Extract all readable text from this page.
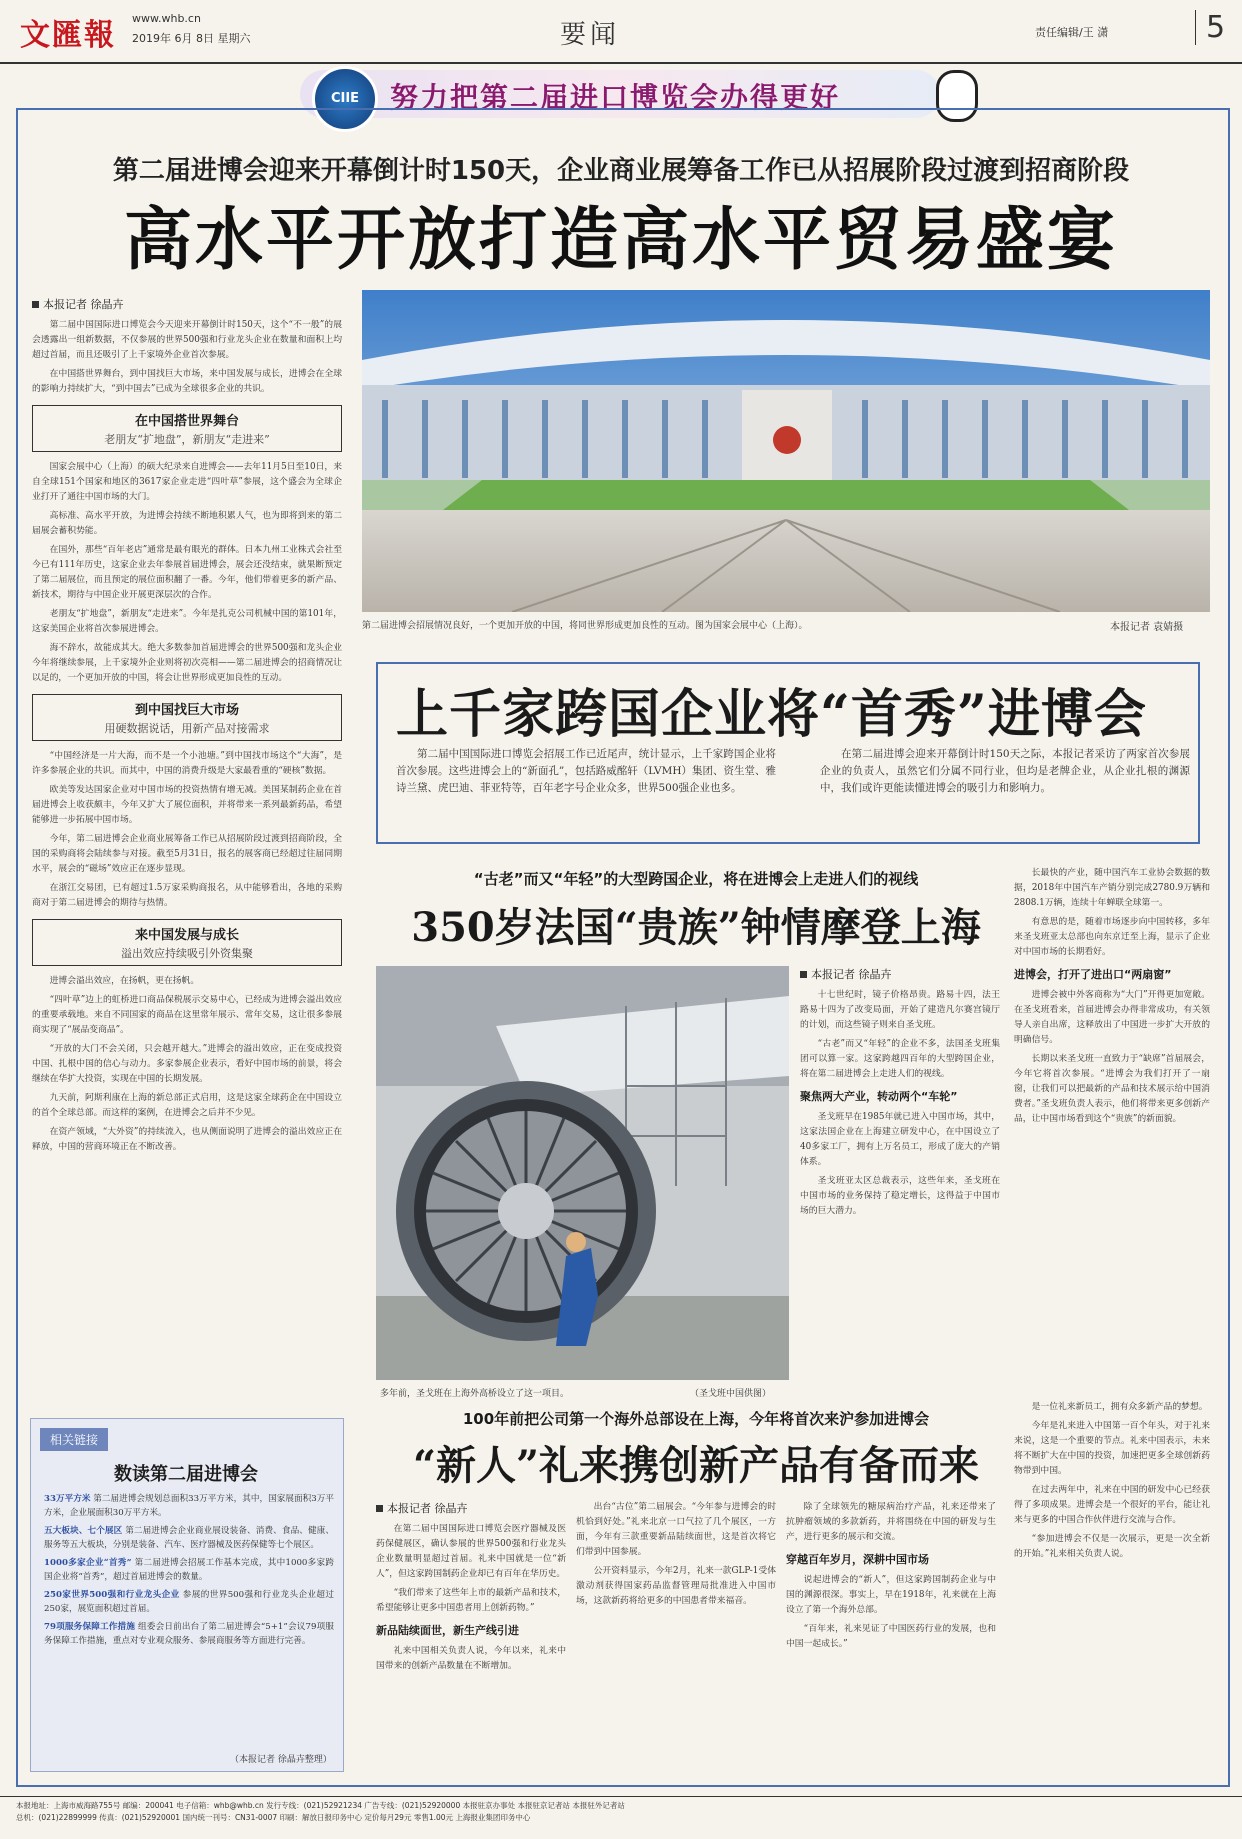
文匯報 www.whb.cn
2019年 6月 8日 星期六	要闻	责任编辑/王 潇	5
CIIE	努力把第二届进口博览会办得更好
第二届进博会迎来开幕倒计时150天，企业商业展筹备工作已从招展阶段过渡到招商阶段
高水平开放打造高水平贸易盛宴

本报记者 徐晶卉

第二届中国国际进口博览会今天迎来开幕倒计时150天，这个“不一般”的展会透露出一组新数据，不仅参展的世界500强和行业龙头企业在数量和面积上均超过首届，而且还吸引了上千家境外企业首次参展。

在中国搭世界舞台，到中国找巨大市场，来中国发展与成长，进博会在全球的影响力持续扩大，“到中国去”已成为全球很多企业的共识。

在中国搭世界舞台
老朋友“扩地盘”，新朋友“走进来”

国家会展中心（上海）的硕大纪录来自进博会——去年11月5日至10日，来自全球151个国家和地区的3617家企业走进“四叶草”参展，这个盛会为全球企业打开了通往中国市场的大门。

高标准、高水平开放，为进博会持续不断地积累人气，也为即将到来的第二届展会蓄积势能。

在国外，那些“百年老店”通常是最有眼光的群体。日本九州工业株式会社至今已有111年历史，这家企业去年参展首届进博会，展会还没结束，就果断预定了第二届展位，而且预定的展位面积翻了一番。今年，他们带着更多的新产品、新技术，期待与中国企业开展更深层次的合作。

老朋友“扩地盘”，新朋友“走进来”。今年是扎克公司机械中国的第101年，这家美国企业将首次参展进博会。

海不辞水，故能成其大。绝大多数参加首届进博会的世界500强和龙头企业今年将继续参展，上千家境外企业则将初次亮相——第二届进博会的招商情况让以足的，一个更加开放的中国，将会让世界形成更加良性的互动。

到中国找巨大市场
用硬数据说话，用新产品对接需求

“中国经济是一片大海，而不是一个小池塘。”到中国找市场这个“大海”，是许多参展企业的共识。而其中，中国的消费升级是大家最看重的“硬核”数据。

欧美等发达国家企业对中国市场的投资热情有增无减。美国某制药企业在首届进博会上收获颇丰，今年又扩大了展位面积，并将带来一系列最新药品，希望能够进一步拓展中国市场。

今年，第二届进博会企业商业展筹备工作已从招展阶段过渡到招商阶段，全国的采购商将会陆续参与对接。截至5月31日，报名的展客商已经超过往届同期水平，展会的“磁场”效应正在逐步显现。

在浙江交易团，已有超过1.5万家采购商报名，从中能够看出，各地的采购商对于第二届进博会的期待与热情。

来中国发展与成长
溢出效应持续吸引外资集聚

进博会溢出效应，在扬帆，更在扬帆。

“四叶草”边上的虹桥进口商品保税展示交易中心，已经成为进博会溢出效应的重要承载地。来自不同国家的商品在这里常年展示、常年交易，这让很多参展商实现了“展品变商品”。

“开放的大门不会关闭，只会越开越大。”进博会的溢出效应，正在变成投资中国、扎根中国的信心与动力。多家参展企业表示，看好中国市场的前景，将会继续在华扩大投资，实现在中国的长期发展。

九天前，阿斯利康在上海的新总部正式启用，这是这家全球药企在中国设立的首个全球总部。而这样的案例，在进博会之后并不少见。

在资产领域，“大外资”的持续流入，也从侧面说明了进博会的溢出效应正在释放，中国的营商环境正在不断改善。

第二届进博会招展情况良好，一个更加开放的中国，将同世界形成更加良性的互动。图为国家会展中心（上海）。	本报记者 袁婧摄
上千家跨国企业将“首秀”进博会

第二届中国国际进口博览会招展工作已近尾声，统计显示，上千家跨国企业将首次参展。这些进博会上的“新面孔”，包括路威酩轩（LVMH）集团、资生堂、雅诗兰黛、虎巴迪、菲亚特等，百年老字号企业众多，世界500强企业也多。

在第二届进博会迎来开幕倒计时150天之际，本报记者采访了两家首次参展企业的负责人，虽然它们分属不同行业，但均是老牌企业，从企业扎根的渊源中，我们或许更能读懂进博会的吸引力和影响力。

“古老”而又“年轻”的大型跨国企业，将在进博会上走进人们的视线
350岁法国“贵族”钟情摩登上海
多年前，圣戈班在上海外高桥设立了这一项目。	（圣戈班中国供图）

本报记者 徐晶卉

十七世纪时，镜子价格昂贵。路易十四，法王路易十四为了改变局面，开始了建造凡尔赛宫镜厅的计划，而这些镜子则来自圣戈班。

“古老”而又“年轻”的企业不多，法国圣戈班集团可以算一家。这家跨越四百年的大型跨国企业，将在第二届进博会上走进人们的视线。

聚焦两大产业，转动两个“车轮”

圣戈班早在1985年就已进入中国市场，其中，这家法国企业在上海建立研发中心，在中国设立了40多家工厂，拥有上万名员工，形成了庞大的产销体系。

圣戈班亚太区总裁表示，这些年来，圣戈班在中国市场的业务保持了稳定增长，这得益于中国市场的巨大潜力。

长最快的产业，随中国汽车工业协会数据的数据，2018年中国汽车产销分别完成2780.9万辆和2808.1万辆，连续十年蝉联全球第一。

有意思的是，随着市场逐步向中国转移，多年来圣戈班亚太总部也向东京迁至上海，显示了企业对中国市场的长期看好。

进博会，打开了进出口“两扇窗”

进博会被中外客商称为“大门”开得更加宽敞。在圣戈班看来，首届进博会办得非常成功，有关领导人亲自出席，这释放出了中国进一步扩大开放的明确信号。

长期以来圣戈班一直致力于“缺席”首届展会，今年它将首次参展。“进博会为我们打开了一扇窗，让我们可以把最新的产品和技术展示给中国消费者。”圣戈班负责人表示，他们将带来更多创新产品，让中国市场看到这个“贵族”的新面貌。

相关链接
数读第二届进博会

33万平方米 第二届进博会规划总面积33万平方米，其中，国家展面积3万平方米，企业展面积30万平方米。

五大板块、七个展区 第二届进博会企业商业展设装备、消费、食品、健康、服务等五大板块，分别是装备、汽车、医疗器械及医药保健等七个展区。

1000多家企业“首秀” 第二届进博会招展工作基本完成，其中1000多家跨国企业将“首秀”，超过首届进博会的数量。

250家世界500强和行业龙头企业 参展的世界500强和行业龙头企业超过250家，展览面积超过首届。

79项服务保障工作措施 组委会日前出台了第二届进博会“5+1”会议79项服务保障工作措施，重点对专业观众服务、参展商服务等方面进行完善。

（本报记者 徐晶卉整理）
100年前把公司第一个海外总部设在上海，今年将首次来沪参加进博会
“新人”礼来携创新产品有备而来

本报记者 徐晶卉

在第二届中国国际进口博览会医疗器械及医药保健展区，确认参展的世界500强和行业龙头企业数量明显超过首届。礼来中国就是一位“新人”，但这家跨国制药企业却已有百年在华历史。

“我们带来了这些年上市的最新产品和技术，希望能够让更多中国患者用上创新药物。”

新品陆续面世，新生产线引进

礼来中国相关负责人说，今年以来，礼来中国带来的创新产品数量在不断增加。

出台“古位”第二届展会。“今年参与进博会的时机恰到好处。”礼来北京一口气拉了几个展区，一方面，今年有三款重要新品陆续面世，这是首次将它们带到中国参展。

公开资料显示，今年2月，礼来一款GLP-1受体激动剂获得国家药品监督管理局批准进入中国市场，这款新药将给更多的中国患者带来福音。

除了全球领先的糖尿病治疗产品，礼来还带来了抗肿瘤领域的多款新药，并将围绕在中国的研发与生产，进行更多的展示和交流。

穿越百年岁月，深耕中国市场

说起进博会的“新人”，但这家跨国制药企业与中国的渊源很深。事实上，早在1918年，礼来就在上海设立了第一个海外总部。

“百年来，礼来见证了中国医药行业的发展，也和中国一起成长。”

是一位礼来新员工，拥有众多新产品的梦想。

今年是礼来进入中国第一百个年头，对于礼来来说，这是一个重要的节点。礼来中国表示，未来将不断扩大在中国的投资，加速把更多全球创新药物带到中国。

在过去两年中，礼来在中国的研发中心已经获得了多项成果。进博会是一个很好的平台，能让礼来与更多的中国合作伙伴进行交流与合作。

“参加进博会不仅是一次展示，更是一次全新的开始。”礼来相关负责人说。

本报地址：上海市威海路755号 邮编：200041 电子信箱：whb@whb.cn 发行专线：(021)52921234 广告专线：(021)52920000 本报驻京办事处 本报驻京记者站 本报驻外记者站
总机：(021)22899999 传真：(021)52920001 国内统一刊号：CN31-0007 印刷：解放日报印务中心 定价每月29元 零售1.00元 上海报业集团印务中心
